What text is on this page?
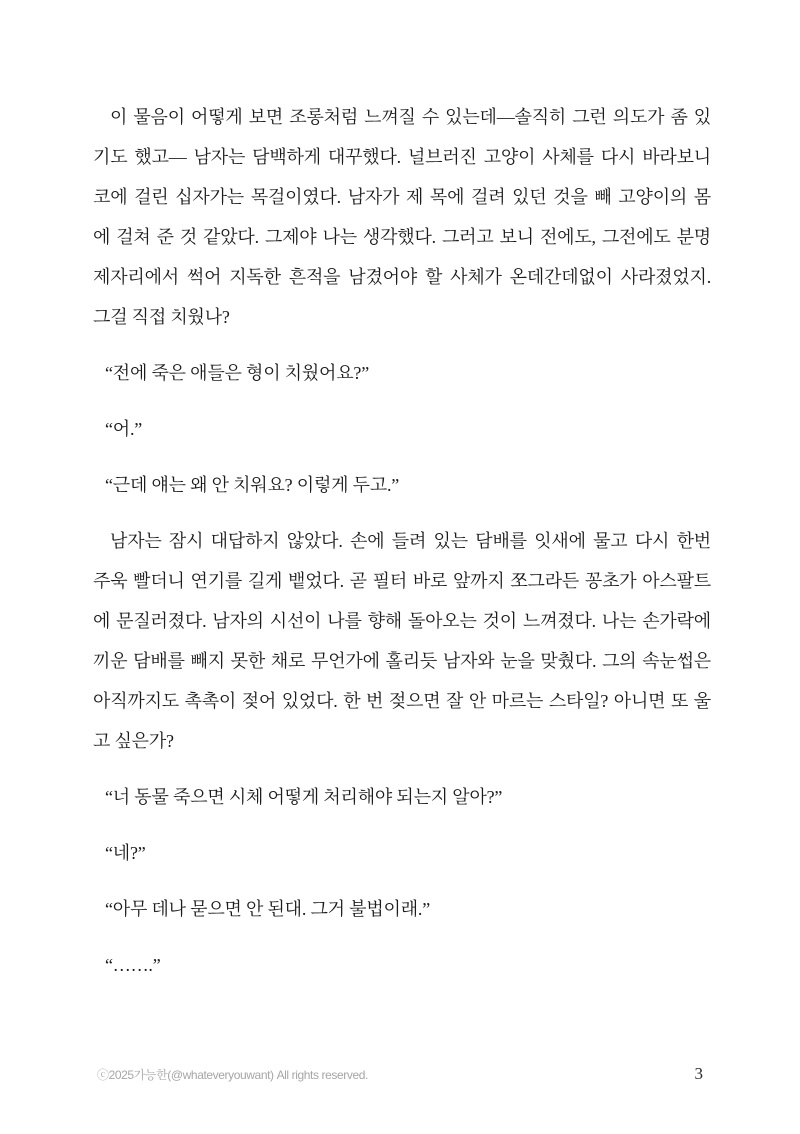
이 물음이 어떻게 보면 조롱처럼 느껴질 수 있는데—솔직히 그런 의도가 좀 있
기도 했고— 남자는 담백하게 대꾸했다. 널브러진 고양이 사체를 다시 바라보니
코에 걸린 십자가는 목걸이였다. 남자가 제 목에 걸려 있던 것을 빼 고양이의 몸
에 걸쳐 준 것 같았다. 그제야 나는 생각했다. 그러고 보니 전에도, 그전에도 분명
제자리에서 썩어 지독한 흔적을 남겼어야 할 사체가 온데간데없이 사라졌었지.
그걸 직접 치웠나?
“전에 죽은 애들은 형이 치웠어요?”
“어.”
“근데 얘는 왜 안 치워요? 이렇게 두고.”
남자는 잠시 대답하지 않았다. 손에 들려 있는 담배를 잇새에 물고 다시 한번
주욱 빨더니 연기를 길게 뱉었다. 곧 필터 바로 앞까지 쪼그라든 꽁초가 아스팔트
에 문질러졌다. 남자의 시선이 나를 향해 돌아오는 것이 느껴졌다. 나는 손가락에
끼운 담배를 빼지 못한 채로 무언가에 홀리듯 남자와 눈을 맞췄다. 그의 속눈썹은
아직까지도 촉촉이 젖어 있었다. 한 번 젖으면 잘 안 마르는 스타일? 아니면 또 울
고 싶은가?
“너 동물 죽으면 시체 어떻게 처리해야 되는지 알아?”
“네?”
“아무 데나 묻으면 안 된대. 그거 불법이래.”
“…….”
ⓒ2025가능한(@whateveryouwant) All rights reserved.	3
